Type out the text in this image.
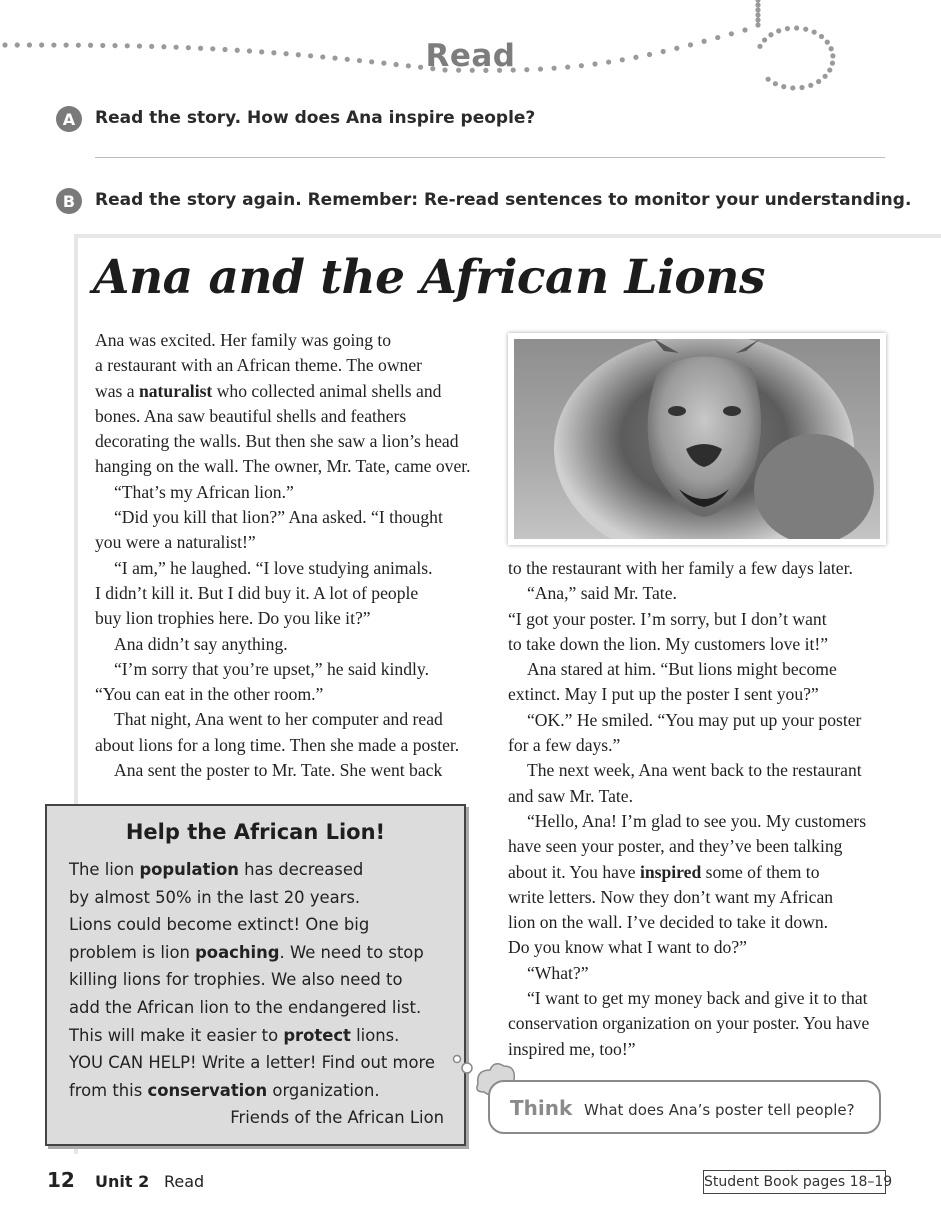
Read
A	Read the story. How does Ana inspire people?
B	Read the story again. Remember: Re-read sentences to monitor your understanding.
Ana and the African Lions

Ana was excited. Her family was going to

a restaurant with an African theme. The owner

was a naturalist who collected animal shells and

bones. Ana saw beautiful shells and feathers

decorating the walls. But then she saw a lion’s head

hanging on the wall. The owner, Mr. Tate, came over.

“That’s my African lion.”

“Did you kill that lion?” Ana asked. “I thought

you were a naturalist!”

“I am,” he laughed. “I love studying animals.

I didn’t kill it. But I did buy it. A lot of people

buy lion trophies here. Do you like it?”

Ana didn’t say anything.

“I’m sorry that you’re upset,” he said kindly.

“You can eat in the other room.”

That night, Ana went to her computer and read

about lions for a long time. Then she made a poster.

Ana sent the poster to Mr. Tate. She went back

to the restaurant with her family a few days later.

“Ana,” said Mr. Tate.

“I got your poster. I’m sorry, but I don’t want

to take down the lion. My customers love it!”

Ana stared at him. “But lions might become

extinct. May I put up the poster I sent you?”

“OK.” He smiled. “You may put up your poster

for a few days.”

The next week, Ana went back to the restaurant

and saw Mr. Tate.

“Hello, Ana! I’m glad to see you. My customers

have seen your poster, and they’ve been talking

about it. You have inspired some of them to

write letters. Now they don’t want my African

lion on the wall. I’ve decided to take it down.

Do you know what I want to do?”

“What?”

“I want to get my money back and give it to that

conservation organization on your poster. You have

inspired me, too!”

Help the African Lion!

The lion population has decreased

by almost 50% in the last 20 years.

Lions could become extinct! One big

problem is lion poaching. We need to stop

killing lions for trophies. We also need to

add the African lion to the endangered list.

This will make it easier to protect lions.

YOU CAN HELP! Write a letter! Find out more

from this conservation organization.

Friends of the African Lion	Think What does Ana’s poster tell people?
12 Unit 2 Read	Student Book pages 18–19
